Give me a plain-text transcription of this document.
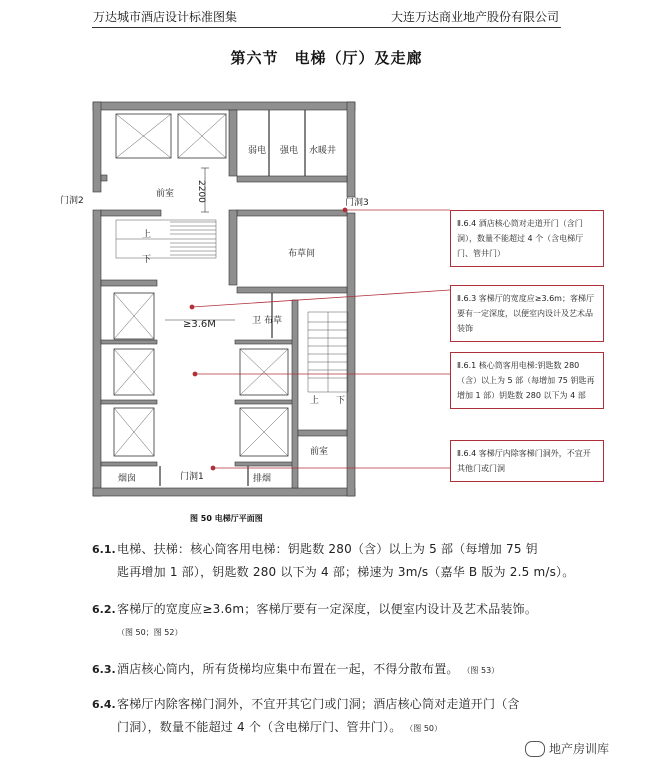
万达城市酒店设计标准图集	大连万达商业地产股份有限公司
第六节　电梯（厅）及走廊
弱电 强电 水暖井
前室
布草间
卫 布草
前室
烟囱	排烟
门洞2	门洞3
门洞1
上
下
上 下
≥3.6M
2200
Ⅱ.6.4 酒店核心筒对走道开门（含门洞），数量不能超过 4 个（含电梯厅门、管井门）
Ⅱ.6.3 客梯厅的宽度应≥3.6m；客梯厅要有一定深度，以便室内设计及艺术品装饰
Ⅱ.6.1 核心筒客用电梯:钥匙数 280（含）以上为 5 部（每增加 75 钥匙再增加 1 部）钥匙数 280 以下为 4 部
Ⅱ.6.4 客梯厅内除客梯门洞外，不宜开其他门或门洞
图 50 电梯厅平面图
6.1.电梯、扶梯：核心筒客用电梯：钥匙数 280（含）以上为 5 部（每增加 75 钥
匙再增加 1 部），钥匙数 280 以下为 4 部；梯速为 3m/s（嘉华 B 版为 2.5 m/s）。
6.2.客梯厅的宽度应≥3.6m；客梯厅要有一定深度，以便室内设计及艺术品装饰。
（图 50；图 52）
6.3.酒店核心筒内，所有货梯均应集中布置在一起，不得分散布置。 （图 53）
6.4.客梯厅内除客梯门洞外，不宜开其它门或门洞；酒店核心筒对走道开门（含
门洞），数量不能超过 4 个（含电梯厅门、管井门）。 （图 50）
地产房训库
